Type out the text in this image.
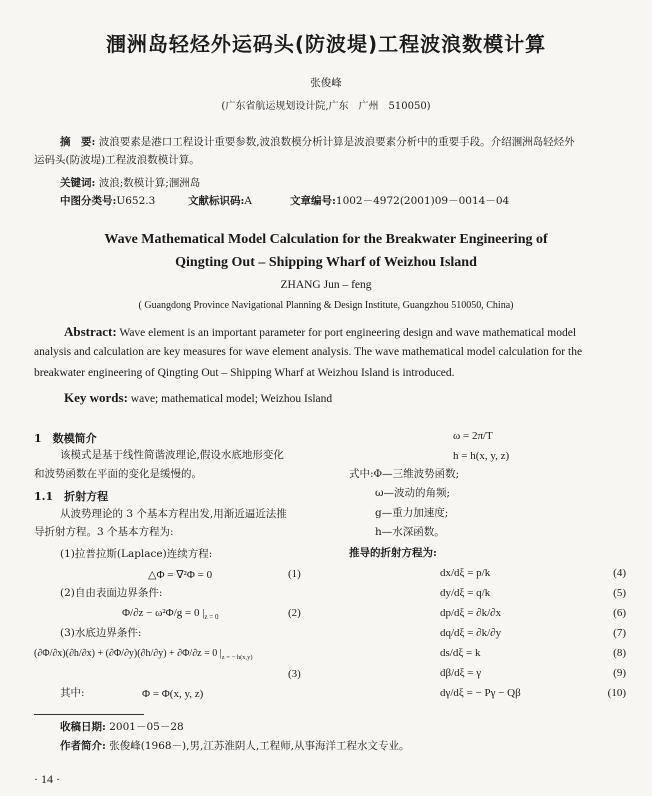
涠洲岛轻烃外运码头(防波堤)工程波浪数模计算
张俊峰
(广东省航运规划设计院,广东　广州　510050)
摘　要: 波浪要素是港口工程设计重要参数,波浪数模分析计算是波浪要素分析中的重要手段。介绍涠洲岛轻烃外
运码头(防波堤)工程波浪数模计算。
关键词: 波浪;数模计算;涠洲岛
中图分类号:U652.3	文献标识码:A	文章编号:1002－4972(2001)09－0014－04
Wave Mathematical Model Calculation for the Breakwater Engineering of
Qingting Out – Shipping Wharf of Weizhou Island
ZHANG Jun – feng
( Guangdong Province Navigational Planning & Design Institute, Guangzhou 510050, China)
Abstract: Wave element is an important parameter for port engineering design and wave mathematical model
analysis and calculation are key measures for wave element analysis. The wave mathematical model calculation for the
breakwater engineering of Qingting Out – Shipping Wharf at Weizhou Island is introduced.
Key words: wave; mathematical model; Weizhou Island
1　数模简介
该模式是基于线性简谐波理论,假设水底地形变化
和波势函数在平面的变化是缓慢的。
1.1　折射方程
从波势理论的 3 个基本方程出发,用渐近逼近法推
导折射方程。3 个基本方程为:
(1)拉普拉斯(Laplace)连续方程:
△Φ = ∇²Φ = 0	(1)
(2)自由表面边界条件:
Φ/∂z − ω²Φ/g = 0 $|_{z = 0}$	(2)
(3)水底边界条件:
(∂Φ/∂x)(∂h/∂x) + (∂Φ/∂y)(∂h/∂y) + ∂Φ/∂z = 0 $|_{z = - h(x,y)}$
(3)
其中:	Φ = Φ(x, y, z)
ω = 2π/T
h = h(x, y, z)
式中:Φ—三维波势函数;
ω—波动的角频;
g—重力加速度;
h—水深函数。
推导的折射方程为:
dx/dξ = p/k	(4)
dy/dξ = q/k	(5)
dp/dξ = ∂k/∂x	(6)
dq/dξ = ∂k/∂y	(7)
ds/dξ = k	(8)
dβ/dξ = γ	(9)
dγ/dξ = − Pγ − Qβ	(10)
收稿日期: 2001－05－28
作者简介: 张俊峰(1968－),男,江苏淮阴人,工程师,从事海洋工程水文专业。
· 14 ·
